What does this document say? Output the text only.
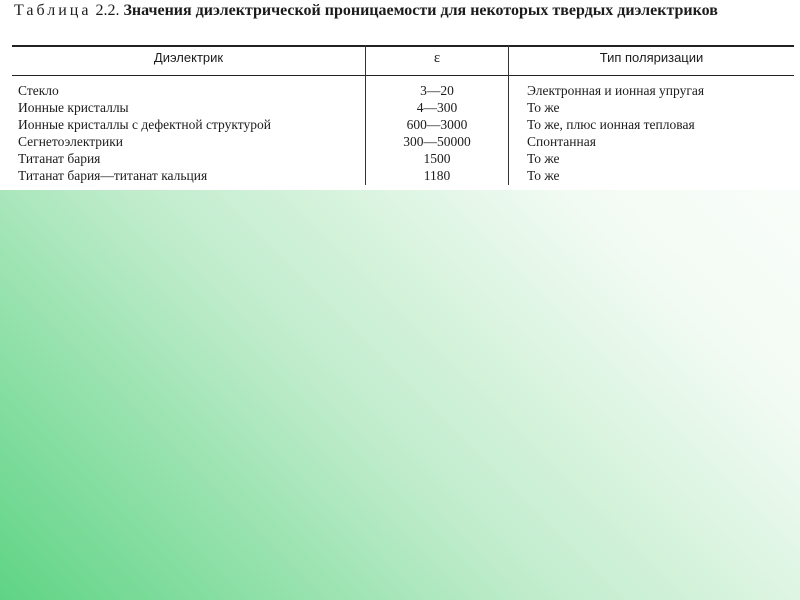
Таблица 2.2. Значения диэлектрической проницаемости для некоторых твердых диэлектриков
Диэлектрик	ε	Тип поляризации
Стекло	3—20	Электронная и ионная упругая
Ионные кристаллы	4—300	То же
Ионные кристаллы с дефектной структурой	600—3000	То же, плюс ионная тепловая
Сегнетоэлектрики	300—50000	Спонтанная
Титанат бария	1500	То же
Титанат бария—титанат кальция	1180	То же
